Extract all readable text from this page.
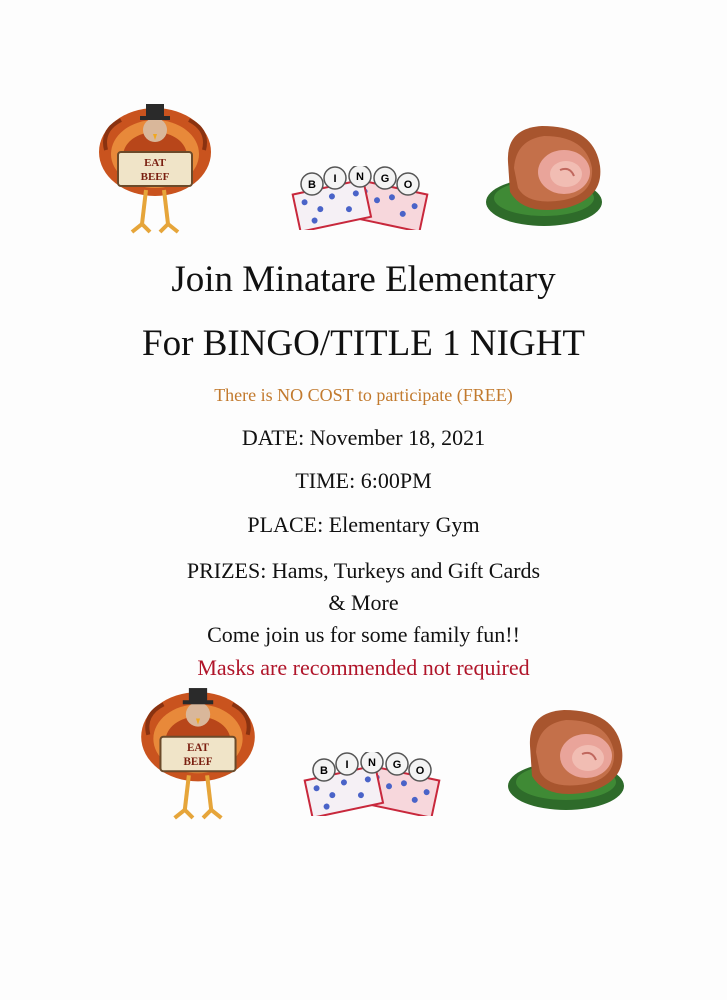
EAT
BEEF
B I N G O
Join Minatare Elementary
For BINGO/TITLE 1 NIGHT
There is NO COST to participate (FREE)
DATE: November 18, 2021
TIME: 6:00PM
PLACE: Elementary Gym
PRIZES: Hams, Turkeys and Gift Cards
& More
Come join us for some family fun!!
Masks are recommended not required
EAT
BEEF
B I N G O
